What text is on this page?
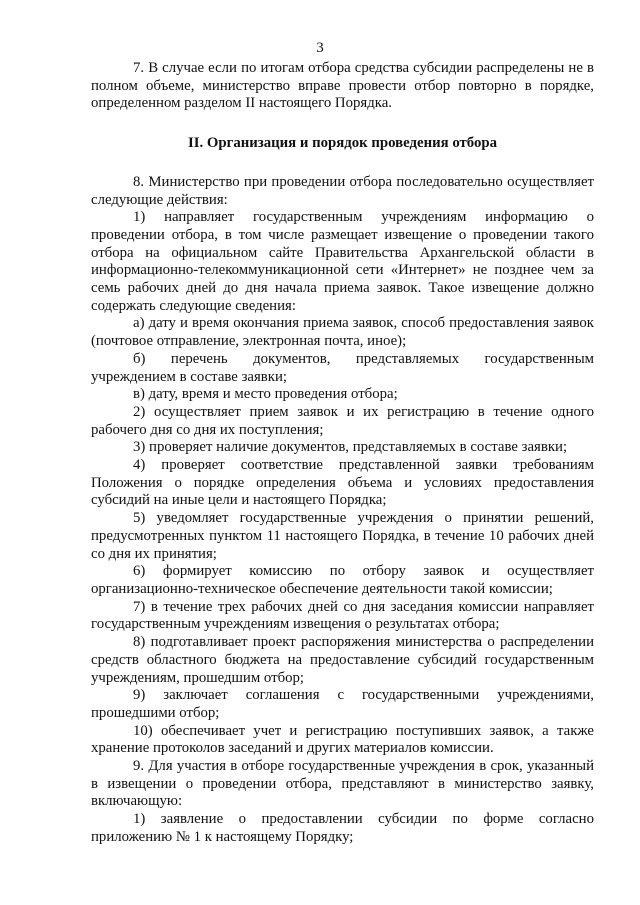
3

7. В случае если по итогам отбора средства субсидии распределены не в полном объеме, министерство вправе провести отбор повторно в порядке, определенном разделом II настоящего Порядка.

II. Организация и порядок проведения отбора

8. Министерство при проведении отбора последовательно осуществляет следующие действия:

1) направляет государственным учреждениям информацию о проведении отбора, в том числе размещает извещение о проведении такого отбора на официальном сайте Правительства Архангельской области в информационно-телекоммуникационной сети «Интернет» не позднее чем за семь рабочих дней до дня начала приема заявок. Такое извещение должно содержать следующие сведения:

а) дату и время окончания приема заявок, способ предоставления заявок (почтовое отправление, электронная почта, иное);

б) перечень документов, представляемых государственным учреждением в составе заявки;

в) дату, время и место проведения отбора;

2) осуществляет прием заявок и их регистрацию в течение одного рабочего дня со дня их поступления;

3) проверяет наличие документов, представляемых в составе заявки;

4) проверяет соответствие представленной заявки требованиям Положения о порядке определения объема и условиях предоставления субсидий на иные цели и настоящего Порядка;

5) уведомляет государственные учреждения о принятии решений, предусмотренных пунктом 11 настоящего Порядка, в течение 10 рабочих дней со дня их принятия;

6) формирует комиссию по отбору заявок и осуществляет организационно-техническое обеспечение деятельности такой комиссии;

7) в течение трех рабочих дней со дня заседания комиссии направляет государственным учреждениям извещения о результатах отбора;

8) подготавливает проект распоряжения министерства о распределении средств областного бюджета на предоставление субсидий государственным учреждениям, прошедшим отбор;

9) заключает соглашения с государственными учреждениями, прошедшими отбор;

10) обеспечивает учет и регистрацию поступивших заявок, а также хранение протоколов заседаний и других материалов комиссии.

9. Для участия в отборе государственные учреждения в срок, указанный в извещении о проведении отбора, представляют в министерство заявку, включающую:

1) заявление о предоставлении субсидии по форме согласно приложению № 1 к настоящему Порядку;
